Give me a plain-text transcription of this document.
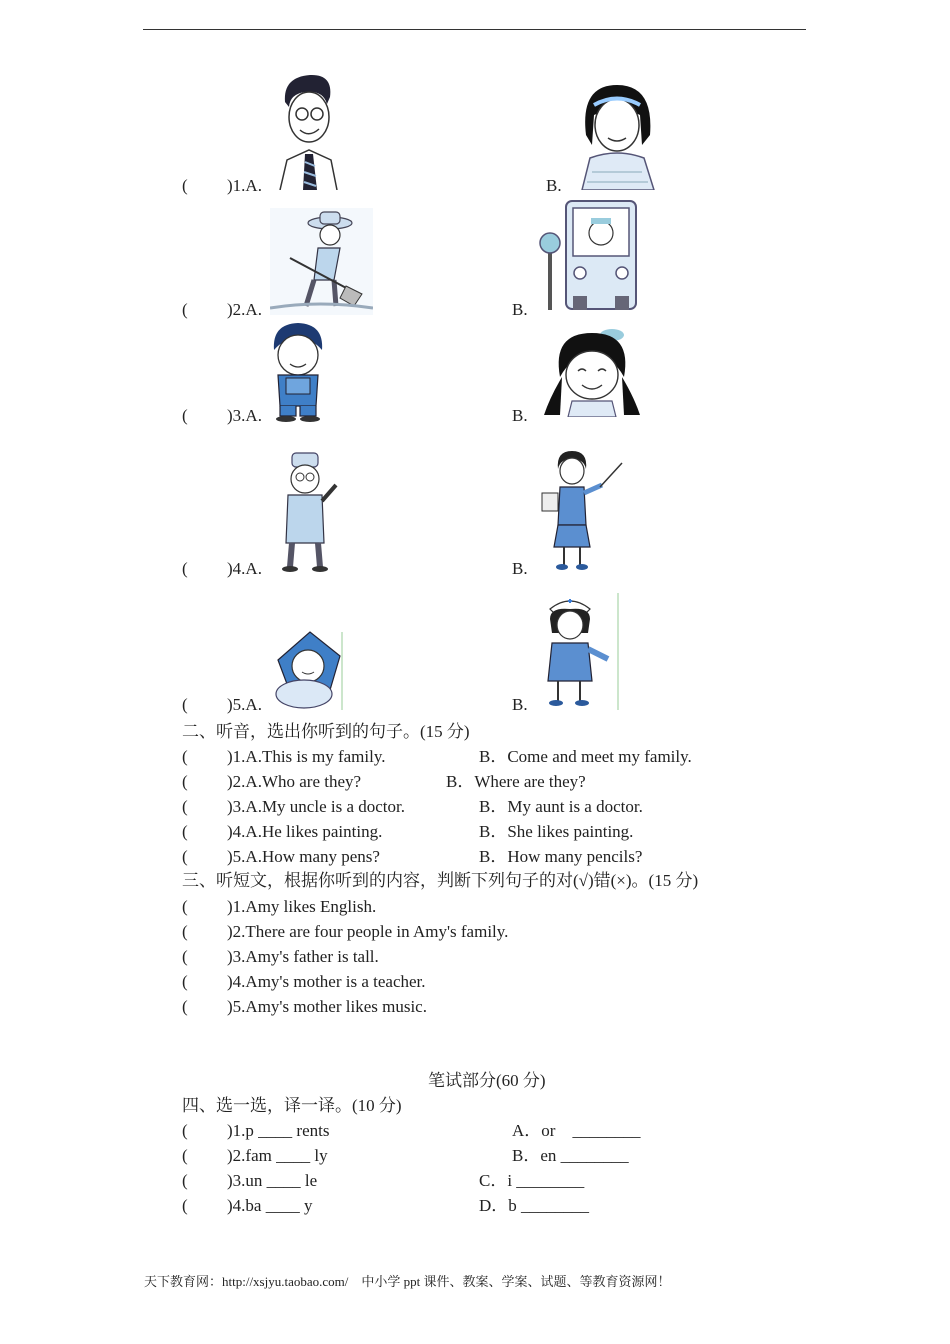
( )1.A.	B.
( )2.A.	B.
( )3.A.	B.
( )4.A.	B.
( )5.A.	B.
二、听音，选出你听到的句子。(15 分)
( )1.A.This is my family.	B．Come and meet my family.
( )2.A.Who are they?	B．Where are they?
( )3.A.My uncle is a doctor.	B．My aunt is a doctor.
( )4.A.He likes painting.	B．She likes painting.
( )5.A.How many pens?	B．How many pencils?
三、听短文，根据你听到的内容，判断下列句子的对(√)错(×)。(15 分)
( )1.Amy likes English.
( )2.There are four people in Amy's family.
( )3.Amy's father is tall.
( )4.Amy's mother is a teacher.
( )5.Amy's mother likes music.
笔试部分(60 分)
四、选一选，译一译。(10 分)
( )1.p ____ rents	A．or    ________
( )2.fam ____ ly	B．en ________
( )3.un ____ le	C．i ________
( )4.ba ____ y	D．b ________
天下教育网：http://xsjyu.taobao.com/    中小学 ppt 课件、教案、学案、试题、等教育资源网！
